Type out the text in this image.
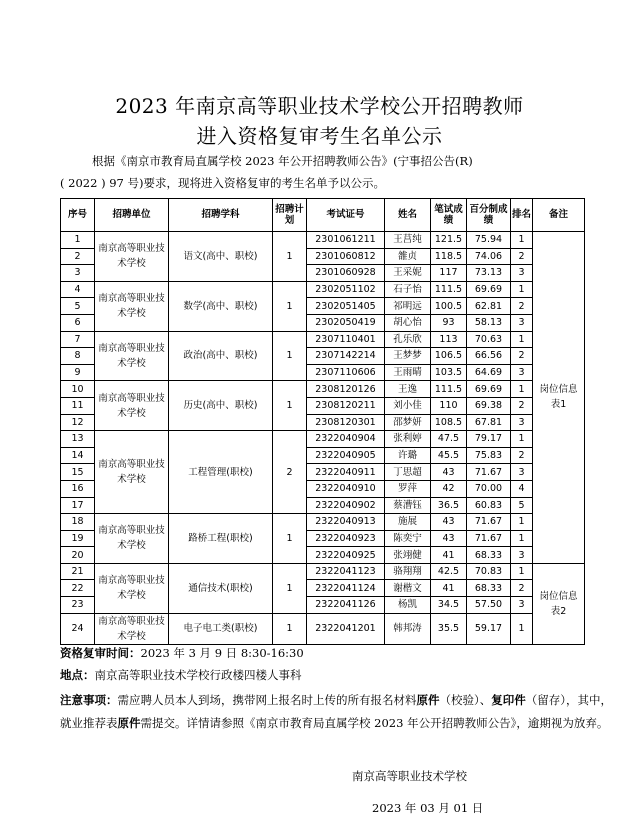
2023 年南京高等职业技术学校公开招聘教师
进入资格复审考生名单公示
根据《南京市教育局直属学校 2023 年公开招聘教师公告》(宁事招公告(R)
( 2022 ) 97 号)要求，现将进入资格复审的考生名单予以公示。
序号	招聘单位	招聘学科	招聘计划	考试证号	姓名	笔试成绩	百分制成绩	排名	备注
1	南京高等职业技术学校	语文(高中、职校)	1	2301061211	王莒纯	121.5	75.94	1	岗位信息表1
2				2301060812	雒贞	118.5	74.06	2	
3				2301060928	王采妮	117	73.13	3	
4	南京高等职业技术学校	数学(高中、职校)	1	2302051102	石子怡	111.5	69.69	1	
5				2302051405	祁明远	100.5	62.81	2	
6				2302050419	胡心怡	93	58.13	3	
7	南京高等职业技术学校	政治(高中、职校)	1	2307110401	孔乐欣	113	70.63	1	
8				2307142214	王梦梦	106.5	66.56	2	
9				2307110606	王雨晴	103.5	64.69	3	
10	南京高等职业技术学校	历史(高中、职校)	1	2308120126	王逸	111.5	69.69	1	
11				2308120211	刘小佳	110	69.38	2	
12				2308120301	邵梦妍	108.5	67.81	3	
13	南京高等职业技术学校	工程管理(职校)	2	2322040904	张利婷	47.5	79.17	1	
14				2322040905	许璐	45.5	75.83	2	
15				2322040911	丁思超	43	71.67	3	
16				2322040910	罗萍	42	70.00	4	
17				2322040902	蔡漕钰	36.5	60.83	5	
18	南京高等职业技术学校	路桥工程(职校)	1	2322040913	施展	43	71.67	1	
19				2322040923	陈奕宁	43	71.67	1	
20				2322040925	张翊健	41	68.33	3	
21	南京高等职业技术学校	通信技术(职校)	1	2322041123	骆翔翔	42.5	70.83	1	岗位信息表2
22				2322041124	谢楷文	41	68.33	2	
23				2322041126	杨凯	34.5	57.50	3	
24	南京高等职业技术学校	电子电工类(职校)	1	2322041201	韩邦涛	35.5	59.17	1	
资格复审时间：2023 年 3 月 9 日 8:30-16:30
地点：南京高等职业技术学校行政楼四楼人事科
注意事项：需应聘人员本人到场，携带网上报名时上传的所有报名材料原件（校验）、复印件（留存），其中，就业推荐表原件需提交。详情请参照《南京市教育局直属学校 2023 年公开招聘教师公告》，逾期视为放弃。
南京高等职业技术学校
2023 年 03 月 01 日
